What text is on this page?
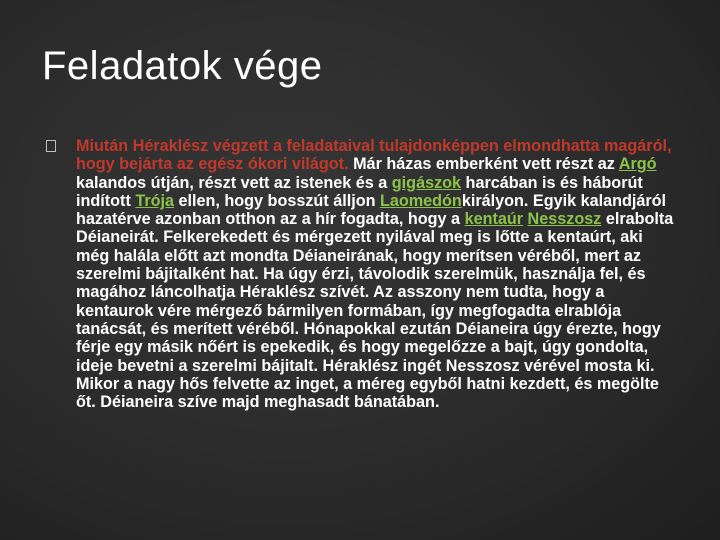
Feladatok vége

Miután Héraklész végzett a feladataival tulajdonképpen elmondhatta magáról, hogy bejárta az egész ókori világot. Már házas emberként vett részt az Argó kalandos útján, részt vett az istenek és a gigászok harcában is és háborút indított Trója ellen, hogy bosszút álljon Laomedónkirályon. Egyik kalandjáról hazatérve azonban otthon az a hír fogadta, hogy a kentaúr Nesszosz elrabolta Déianeirát. Felkerekedett és mérgezett nyilával meg is lőtte a kentaúrt, aki még halála előtt azt mondta Déianeirának, hogy merítsen véréből, mert az szerelmi bájitalként hat. Ha úgy érzi, távolodik szerelmük, használja fel, és magához láncolhatja Héraklész szívét. Az asszony nem tudta, hogy a kentaurok vére mérgező bármilyen formában, így megfogadta elrablója tanácsát, és merített véréből. Hónapokkal ezután Déianeira úgy érezte, hogy férje egy másik nőért is epekedik, és hogy megelőzze a bajt, úgy gondolta, ideje bevetni a szerelmi bájitalt. Héraklész ingét Nesszosz vérével mosta ki. Mikor a nagy hős felvette az inget, a méreg egyből hatni kezdett, és megölte őt. Déianeira szíve majd meghasadt bánatában.
